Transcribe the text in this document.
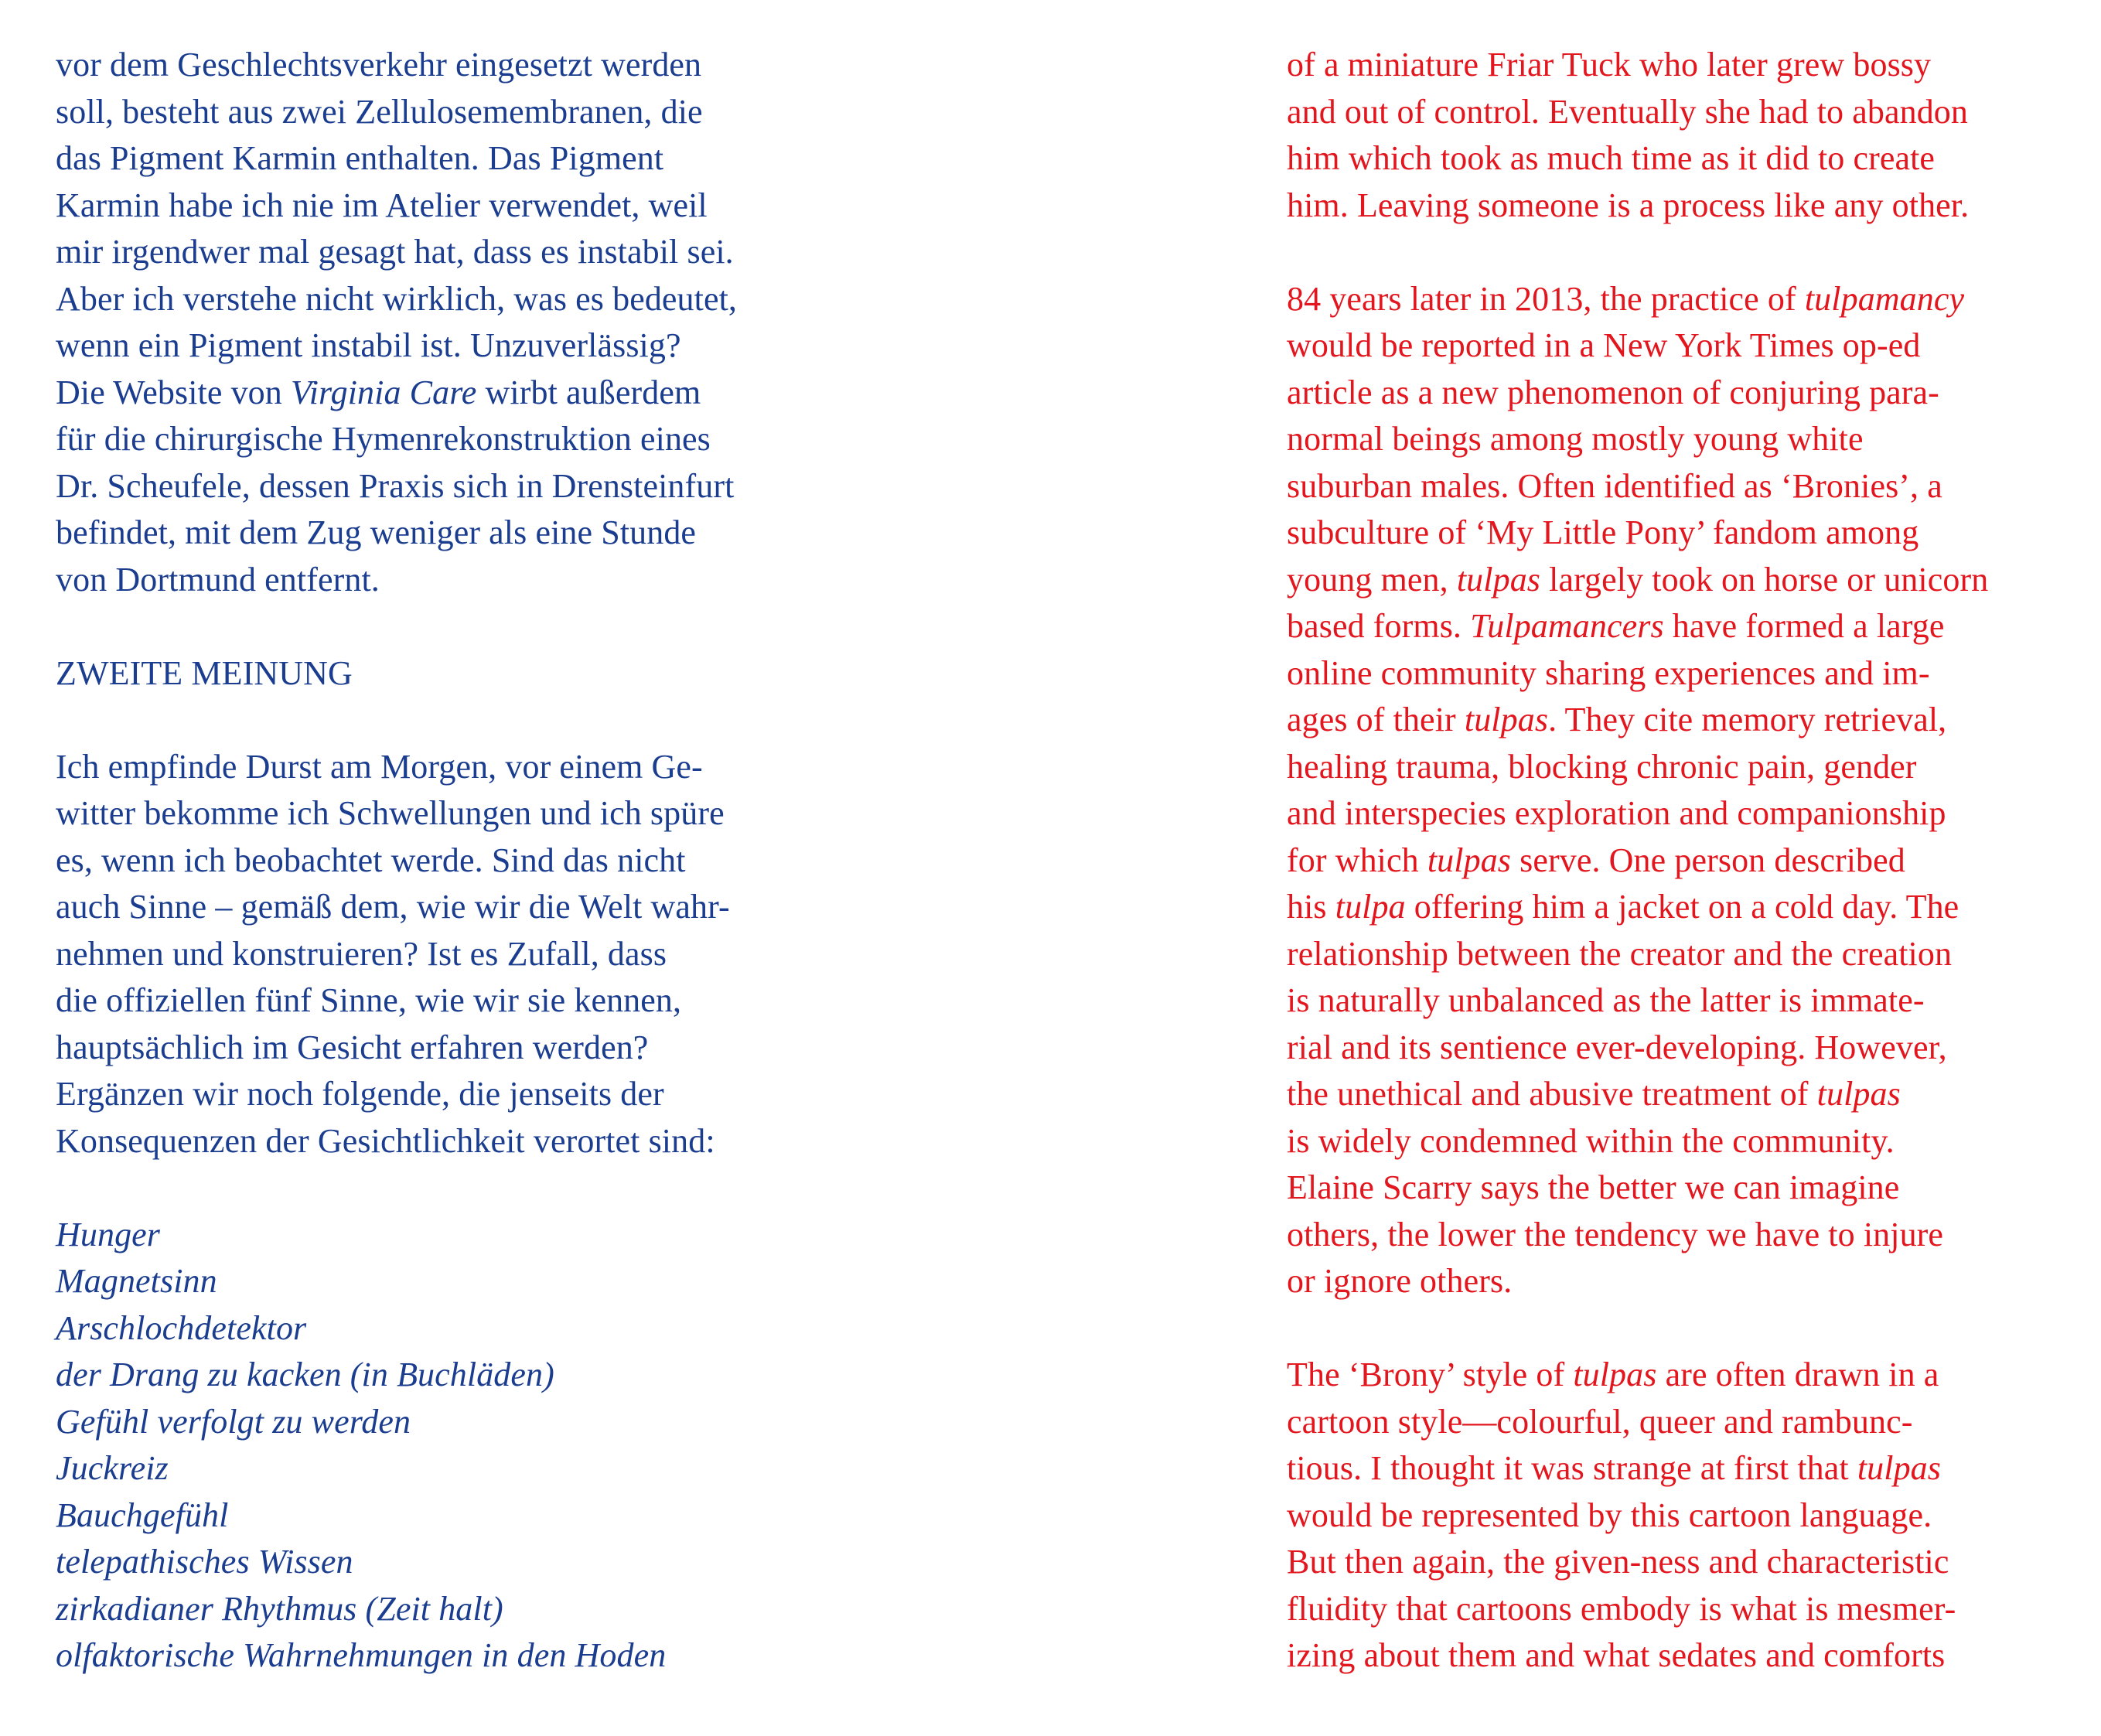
vor dem Geschlechtsverkehr eingesetzt werden
soll, besteht aus zwei Zellulosemembranen, die
das Pigment Karmin enthalten. Das Pigment
Karmin habe ich nie im Atelier verwendet, weil
mir irgendwer mal gesagt hat, dass es instabil sei.
Aber ich verstehe nicht wirklich, was es bedeutet,
wenn ein Pigment instabil ist. Unzuverlässig?
Die Website von Virginia Care wirbt außerdem
für die chirurgische Hymenrekonstruktion eines
Dr. Scheufele, dessen Praxis sich in Drensteinfurt
befindet, mit dem Zug weniger als eine Stunde
von Dortmund entfernt.
ZWEITE MEINUNG
Ich empfinde Durst am Morgen, vor einem Ge-
witter bekomme ich Schwellungen und ich spüre
es, wenn ich beobachtet werde. Sind das nicht
auch Sinne – gemäß dem, wie wir die Welt wahr-
nehmen und konstruieren? Ist es Zufall, dass
die offiziellen fünf Sinne, wie wir sie kennen,
hauptsächlich im Gesicht erfahren werden?
Ergänzen wir noch folgende, die jenseits der
Konsequenzen der Gesichtlichkeit verortet sind:
Hunger
Magnetsinn
Arschlochdetektor
der Drang zu kacken (in Buchläden)
Gefühl verfolgt zu werden
Juckreiz
Bauchgefühl
telepathisches Wissen
zirkadianer Rhythmus (Zeit halt)
olfaktorische Wahrnehmungen in den Hoden
of a miniature Friar Tuck who later grew bossy
and out of control. Eventually she had to abandon
him which took as much time as it did to create
him. Leaving someone is a process like any other.
84 years later in 2013, the practice of tulpamancy
would be reported in a New York Times op-ed
article as a new phenomenon of conjuring para-
normal beings among mostly young white
suburban males. Often identified as ‘Bronies’, a
subculture of ‘My Little Pony’ fandom among
young men, tulpas largely took on horse or unicorn
based forms. Tulpamancers have formed a large
online community sharing experiences and im-
ages of their tulpas. They cite memory retrieval,
healing trauma, blocking chronic pain, gender
and interspecies exploration and companionship
for which tulpas serve. One person described
his tulpa offering him a jacket on a cold day. The
relationship between the creator and the creation
is naturally unbalanced as the latter is immate-
rial and its sentience ever-developing. However,
the unethical and abusive treatment of tulpas
is widely condemned within the community.
Elaine Scarry says the better we can imagine
others, the lower the tendency we have to injure
or ignore others.
The ‘Brony’ style of tulpas are often drawn in a
cartoon style—colourful, queer and rambunc-
tious. I thought it was strange at first that tulpas
would be represented by this cartoon language.
But then again, the given-ness and characteristic
fluidity that cartoons embody is what is mesmer-
izing about them and what sedates and comforts
